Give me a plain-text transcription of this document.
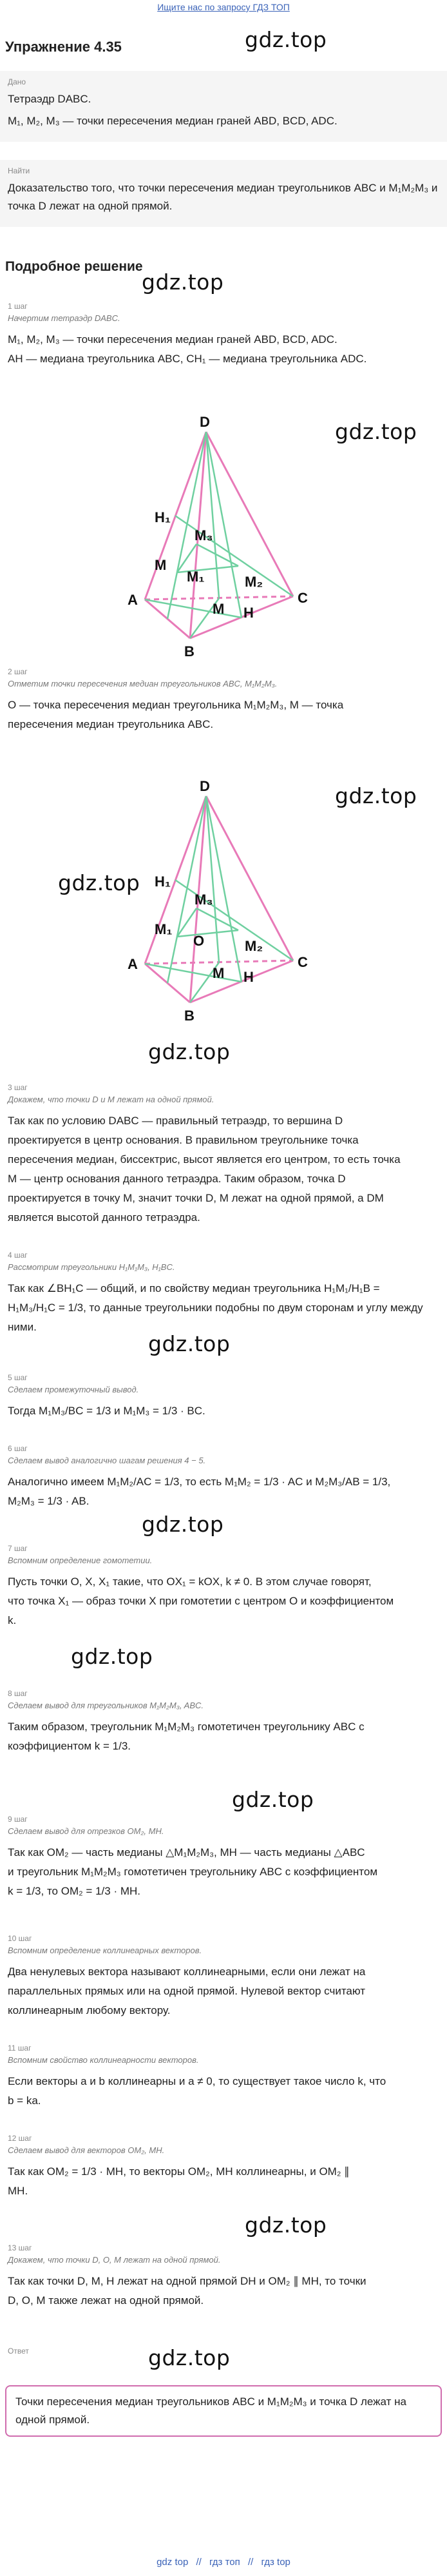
Ищите нас по запросу ГДЗ ТОП
gdz.top
Упражнение 4.35
Дано

Тетраэдр DABC.

M₁, M₂, M₃ — точки пересечения медиан граней ABD, BCD, ADC.

Найти

Доказательство того, что точки пересечения медиан треугольников ABC и M₁M₂M₃ и точка D лежат на одной прямой.

Подробное решение
gdz.top
1 шаг
Начертим тетраэдр DABC.

M₁, M₂, M₃ — точки пересечения медиан граней ABD, BCD, ADC.

AH — медиана треугольника ABC, CH₁ — медиана треугольника ADC.

gdz.top
D
H₁
M₃
M
M₁	M₂
M H
A	C
B
2 шаг
Отметим точки пересечения медиан треугольников ABC, M₁M₂M₃.

O — точка пересечения медиан треугольника M₁M₂M₃, M — точка

пересечения медиан треугольника ABC.

gdz.top
gdz.top
D
H₁
M₃
M₁
O	M₂
M H
A	C
B
gdz.top
3 шаг
Докажем, что точки D и M лежат на одной прямой.

Так как по условию DABC — правильный тетраэдр, то вершина D

проектируется в центр основания. В правильном треугольнике точка

пересечения медиан, биссектрис, высот является его центром, то есть точка

M — центр основания данного тетраэдра. Таким образом, точка D

проектируется в точку M, значит точки D, M лежат на одной прямой, а DM

является высотой данного тетраэдра.

4 шаг
Рассмотрим треугольники H₁M₁M₃, H₁BC.

Так как ∠BH₁C — общий, и по свойству медиан треугольника H₁M₁/H₁B =

H₁M₃/H₁C = 1/3, то данные треугольники подобны по двум сторонам и углу между

ними.

gdz.top
5 шаг
Сделаем промежуточный вывод.

Тогда M₁M₃/BC = 1/3 и M₁M₃ = 1/3 · BC.

6 шаг
Сделаем вывод аналогично шагам решения 4 − 5.

Аналогично имеем M₁M₂/AC = 1/3, то есть M₁M₂ = 1/3 · AC и M₂M₃/AB = 1/3,

M₂M₃ = 1/3 · AB.

gdz.top
7 шаг
Вспомним определение гомотетии.

Пусть точки O, X, X₁ такие, что OX₁ = kOX, k ≠ 0. В этом случае говорят,

что точка X₁ — образ точки X при гомотетии с центром O и коэффициентом

k.

gdz.top
8 шаг
Сделаем вывод для треугольников M₁M₂M₃, ABC.

Таким образом, треугольник M₁M₂M₃ гомотетичен треугольнику ABC с

коэффициентом k = 1/3.

gdz.top
9 шаг
Сделаем вывод для отрезков OM₂, MH.

Так как OM₂ — часть медианы △M₁M₂M₃, MH — часть медианы △ABC

и треугольник M₁M₂M₃ гомотетичен треугольнику ABC с коэффициентом

k = 1/3, то OM₂ = 1/3 · MH.

10 шаг
Вспомним определение коллинеарных векторов.

Два ненулевых вектора называют коллинеарными, если они лежат на

параллельных прямых или на одной прямой. Нулевой вектор считают

коллинеарным любому вектору.

11 шаг
Вспомним свойство коллинеарности векторов.

Если векторы a и b коллинеарны и a ≠ 0, то существует такое число k, что

b = ka.

12 шаг
Сделаем вывод для векторов OM₂, MH.

Так как OM₂ = 1/3 · MH, то векторы OM₂, MH коллинеарны, и OM₂ ∥

MH.

gdz.top
13 шаг
Докажем, что точки D, O, M лежат на одной прямой.

Так как точки D, M, H лежат на одной прямой DH и OM₂ ∥ MH, то точки

D, O, M также лежат на одной прямой.

Ответ	gdz.top
Точки пересечения медиан треугольников ABC и M₁M₂M₃ и точка D лежат на одной прямой.
gdz top // гдз топ // гдз top
